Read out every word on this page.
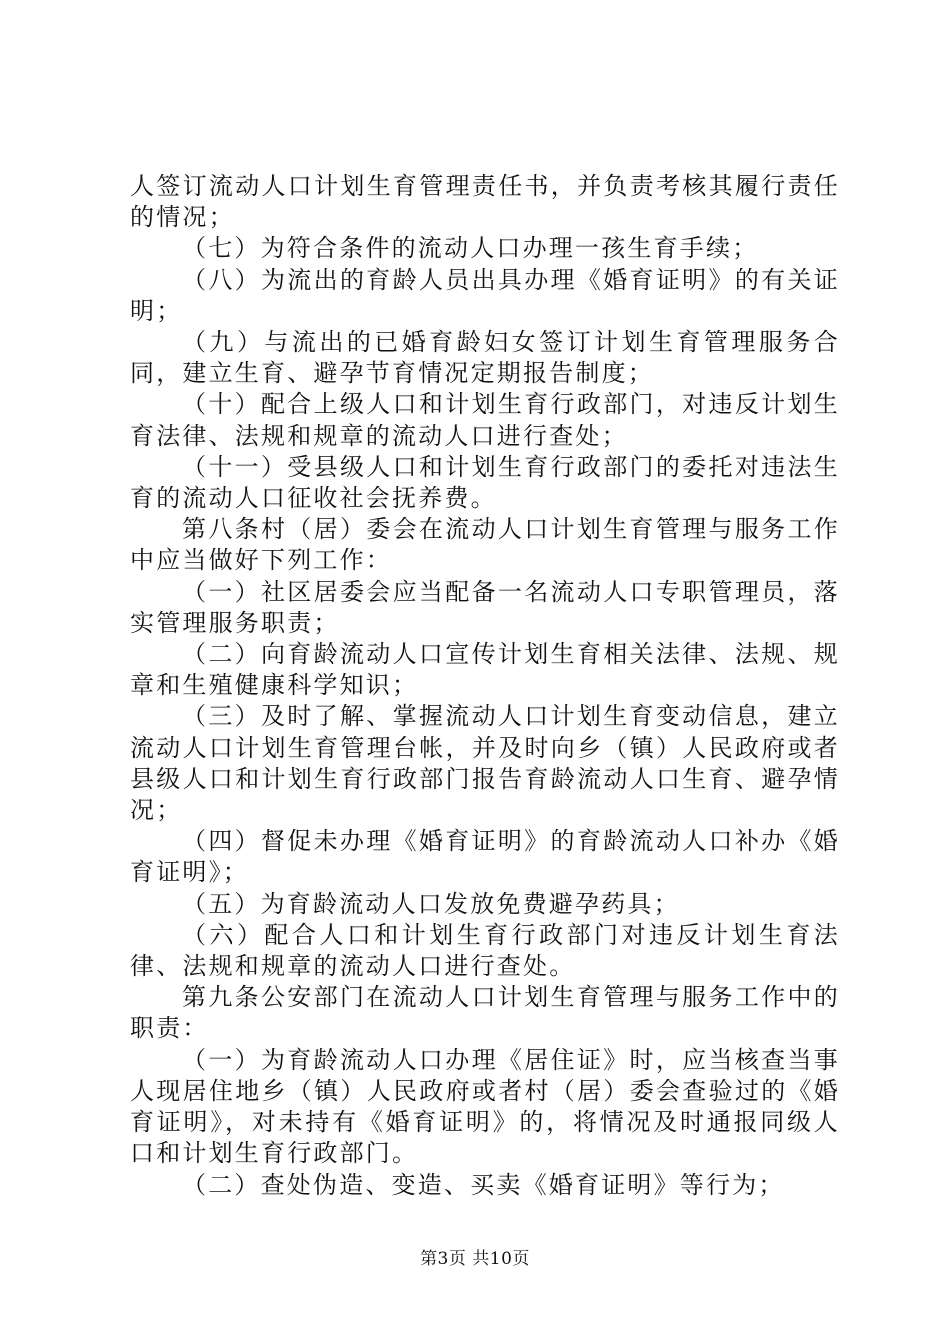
人签订流动人口计划生育管理责任书，并负责考核其履行责任的情况；

（七）为符合条件的流动人口办理一孩生育手续；

（八）为流出的育龄人员出具办理《婚育证明》的有关证明；

（九）与流出的已婚育龄妇女签订计划生育管理服务合同，建立生育、避孕节育情况定期报告制度；

（十）配合上级人口和计划生育行政部门，对违反计划生育法律、法规和规章的流动人口进行查处；

（十一）受县级人口和计划生育行政部门的委托对违法生育的流动人口征收社会抚养费。

第八条村（居）委会在流动人口计划生育管理与服务工作中应当做好下列工作：

（一）社区居委会应当配备一名流动人口专职管理员，落实管理服务职责；

（二）向育龄流动人口宣传计划生育相关法律、法规、规章和生殖健康科学知识；

（三）及时了解、掌握流动人口计划生育变动信息，建立流动人口计划生育管理台帐，并及时向乡（镇）人民政府或者县级人口和计划生育行政部门报告育龄流动人口生育、避孕情况；

（四）督促未办理《婚育证明》的育龄流动人口补办《婚育证明》；

（五）为育龄流动人口发放免费避孕药具；

（六）配合人口和计划生育行政部门对违反计划生育法律、法规和规章的流动人口进行查处。

第九条公安部门在流动人口计划生育管理与服务工作中的职责：

（一）为育龄流动人口办理《居住证》时，应当核查当事人现居住地乡（镇）人民政府或者村（居）委会查验过的《婚育证明》，对未持有《婚育证明》的，将情况及时通报同级人口和计划生育行政部门。

（二）查处伪造、变造、买卖《婚育证明》等行为；

第3页 共10页
